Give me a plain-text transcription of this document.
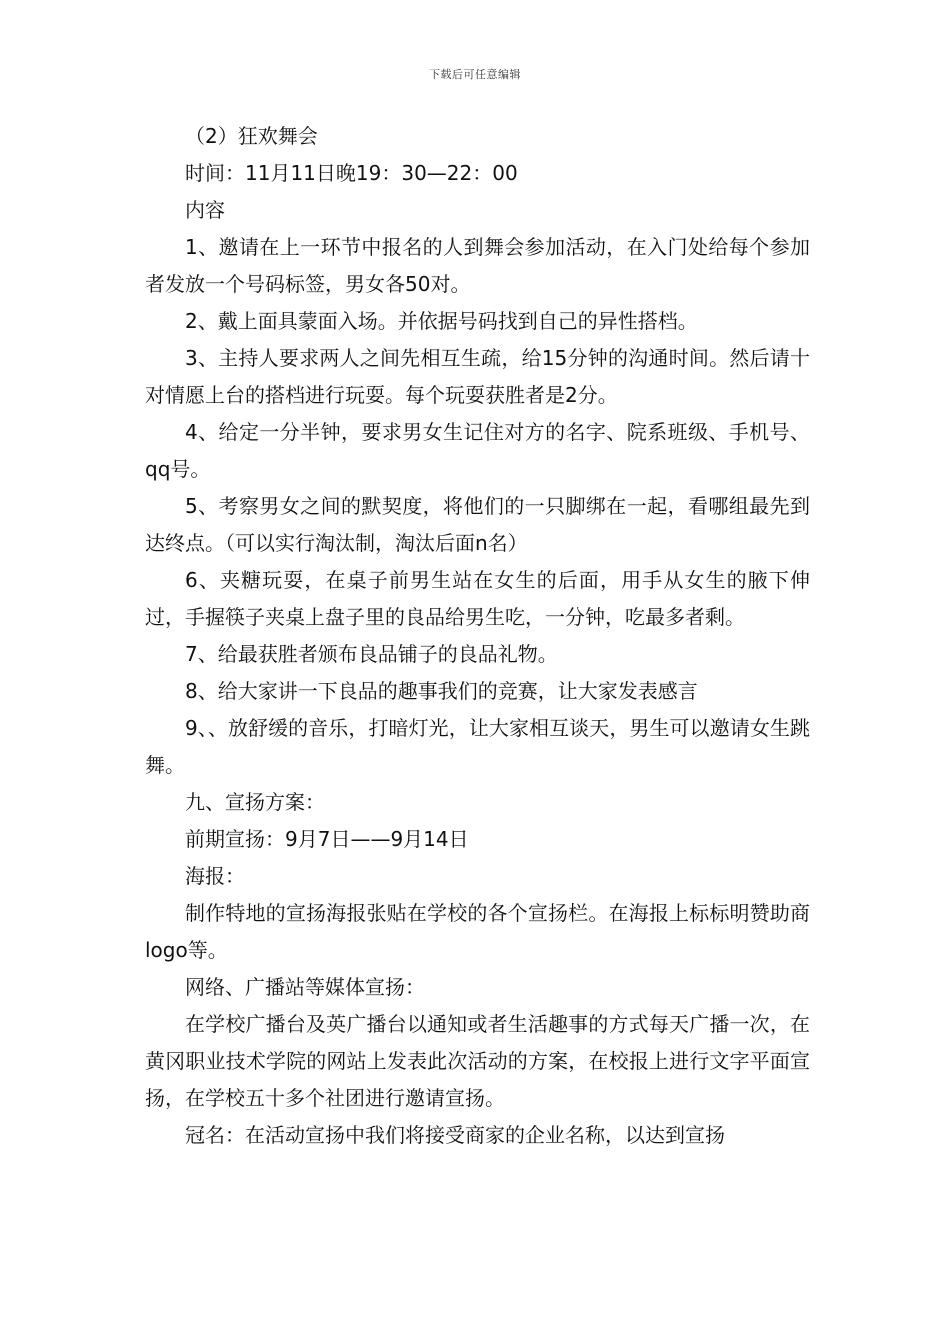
下载后可任意编辑

（2）狂欢舞会

时间：11月11日晚19：30—22：00

内容

1、邀请在上一环节中报名的人到舞会参加活动，在入门处给每个参加者发放一个号码标签，男女各50对。

2、戴上面具蒙面入场。并依据号码找到自己的异性搭档。

3、主持人要求两人之间先相互生疏，给15分钟的沟通时间。然后请十对情愿上台的搭档进行玩耍。每个玩耍获胜者是2分。

4、给定一分半钟，要求男女生记住对方的名字、院系班级、手机号、qq号。

5、考察男女之间的默契度，将他们的一只脚绑在一起，看哪组最先到达终点。（可以实行淘汰制，淘汰后面n名）

6、夹糖玩耍，在桌子前男生站在女生的后面，用手从女生的腋下伸过，手握筷子夹桌上盘子里的良品给男生吃，一分钟，吃最多者剩。

7、给最获胜者颁布良品铺子的良品礼物。

8、给大家讲一下良品的趣事我们的竞赛，让大家发表感言

9、、放舒缓的音乐，打暗灯光，让大家相互谈天，男生可以邀请女生跳舞。

九、宣扬方案：

前期宣扬：9月7日——9月14日

海报：

制作特地的宣扬海报张贴在学校的各个宣扬栏。在海报上标标明赞助商logo等。

网络、广播站等媒体宣扬：

在学校广播台及英广播台以通知或者生活趣事的方式每天广播一次，在黄冈职业技术学院的网站上发表此次活动的方案，在校报上进行文字平面宣扬，在学校五十多个社团进行邀请宣扬。

冠名：在活动宣扬中我们将接受商家的企业名称，以达到宣扬
